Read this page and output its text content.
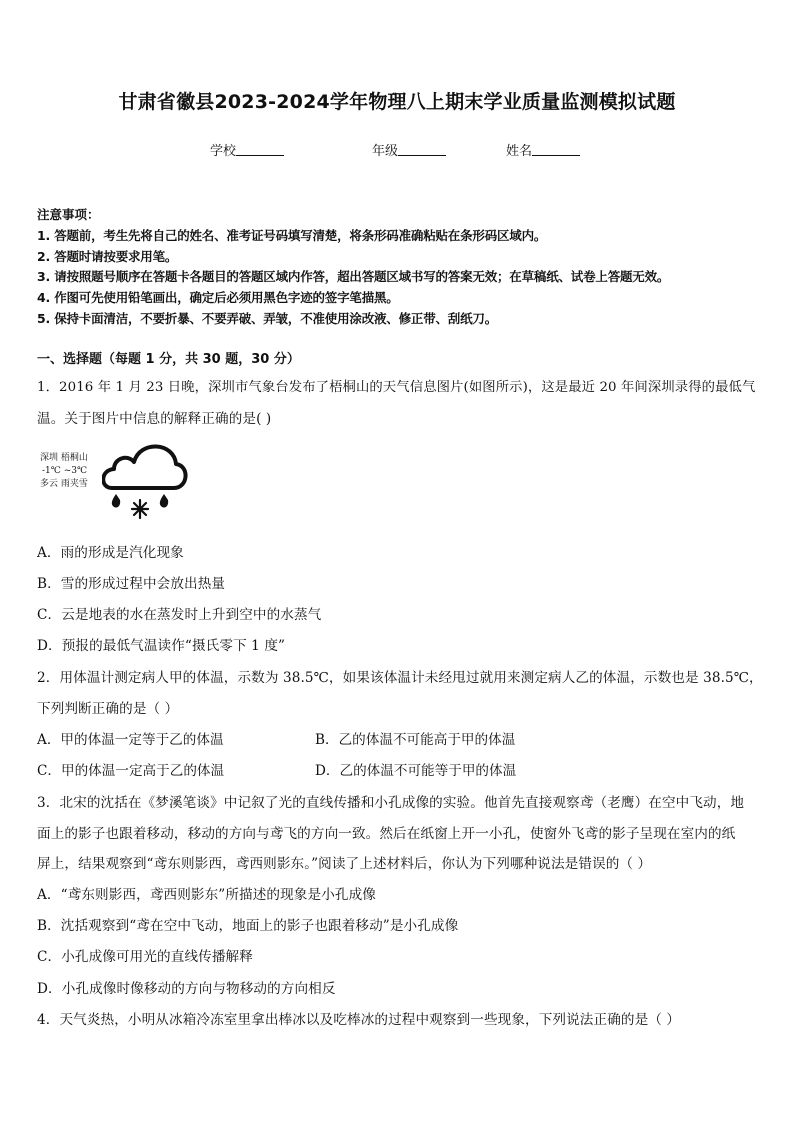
甘肃省徽县2023-2024学年物理八上期末学业质量监测模拟试题
学校	年级	姓名
注意事项：
1. 答题前，考生先将自己的姓名、准考证号码填写清楚，将条形码准确粘贴在条形码区域内。
2. 答题时请按要求用笔。
3. 请按照题号顺序在答题卡各题目的答题区域内作答，超出答题区域书写的答案无效；在草稿纸、试卷上答题无效。
4. 作图可先使用铅笔画出，确定后必须用黑色字迹的签字笔描黑。
5. 保持卡面清洁，不要折暴、不要弄破、弄皱，不准使用涂改液、修正带、刮纸刀。
一、选择题（每题 1 分，共 30 题，30 分）
1．2016 年 1 月 23 日晚，深圳市气象台发布了梧桐山的天气信息图片(如图所示)，这是最近 20 年间深圳录得的最低气
温。关于图片中信息的解释正确的是( )
深圳 梧桐山
-1℃ ~3℃
多云 雨夹雪
A．雨的形成是汽化现象
B．雪的形成过程中会放出热量
C．云是地表的水在蒸发时上升到空中的水蒸气
D．预报的最低气温读作“摄氏零下 1 度”
2．用体温计测定病人甲的体温，示数为 38.5℃，如果该体温计未经甩过就用来测定病人乙的体温，示数也是 38.5℃，
下列判断正确的是（ ）
A．甲的体温一定等于乙的体温	B．乙的体温不可能高于甲的体温
C．甲的体温一定高于乙的体温	D．乙的体温不可能等于甲的体温
3．北宋的沈括在《梦溪笔谈》中记叙了光的直线传播和小孔成像的实验。他首先直接观察鸢（老鹰）在空中飞动，地
面上的影子也跟着移动，移动的方向与鸢飞的方向一致。然后在纸窗上开一小孔，使窗外飞鸢的影子呈现在室内的纸
屏上，结果观察到“鸢东则影西，鸢西则影东。”阅读了上述材料后，你认为下列哪种说法是错误的（ ）
A．“鸢东则影西，鸢西则影东”所描述的现象是小孔成像
B．沈括观察到“鸢在空中飞动，地面上的影子也跟着移动”是小孔成像
C．小孔成像可用光的直线传播解释
D．小孔成像时像移动的方向与物移动的方向相反
4．天气炎热，小明从冰箱冷冻室里拿出棒冰以及吃棒冰的过程中观察到一些现象，下列说法正确的是（ ）
